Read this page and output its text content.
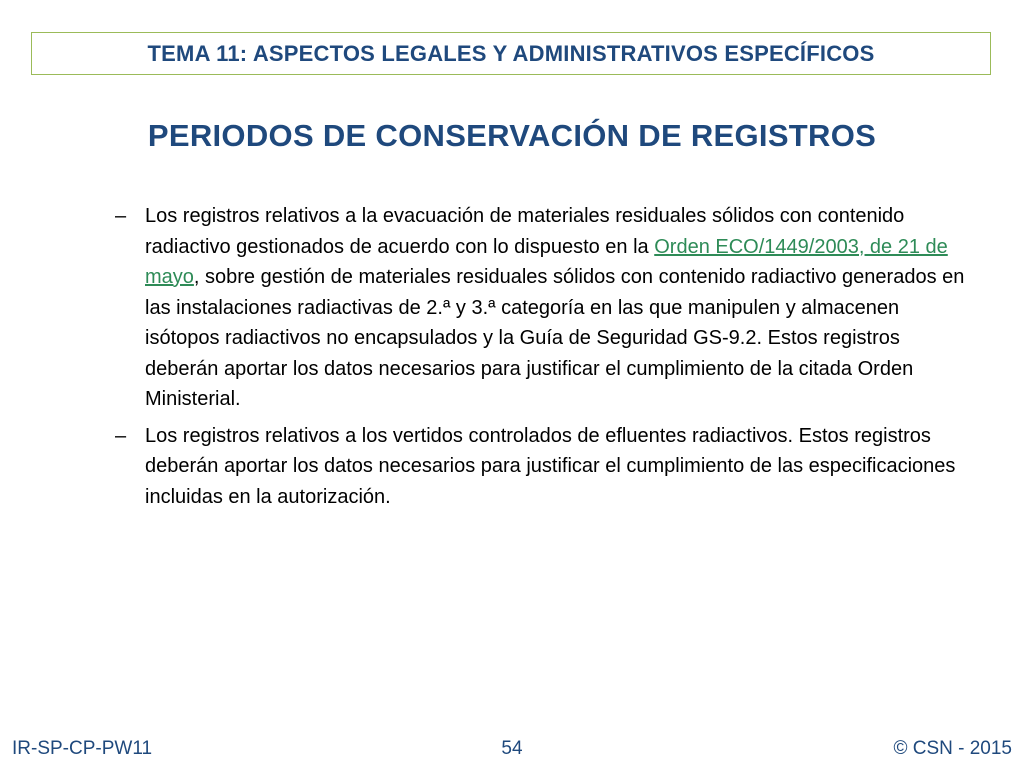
TEMA 11: ASPECTOS LEGALES Y ADMINISTRATIVOS ESPECÍFICOS
PERIODOS DE CONSERVACIÓN DE REGISTROS
– Los registros relativos a la evacuación de materiales residuales sólidos con contenido radiactivo gestionados de acuerdo con lo dispuesto en la Orden ECO/1449/2003, de 21 de mayo, sobre gestión de materiales residuales sólidos con contenido radiactivo generados en las instalaciones radiactivas de 2.ª y 3.ª categoría en las que manipulen y almacenen isótopos radiactivos no encapsulados y la Guía de Seguridad GS-9.2. Estos registros deberán aportar los datos necesarios para justificar el cumplimiento de la citada Orden Ministerial.
– Los registros relativos a los vertidos controlados de efluentes radiactivos. Estos registros deberán aportar los datos necesarios para justificar el cumplimiento de las especificaciones incluidas en la autorización.
IR-SP-CP-PW11	54	© CSN - 2015
